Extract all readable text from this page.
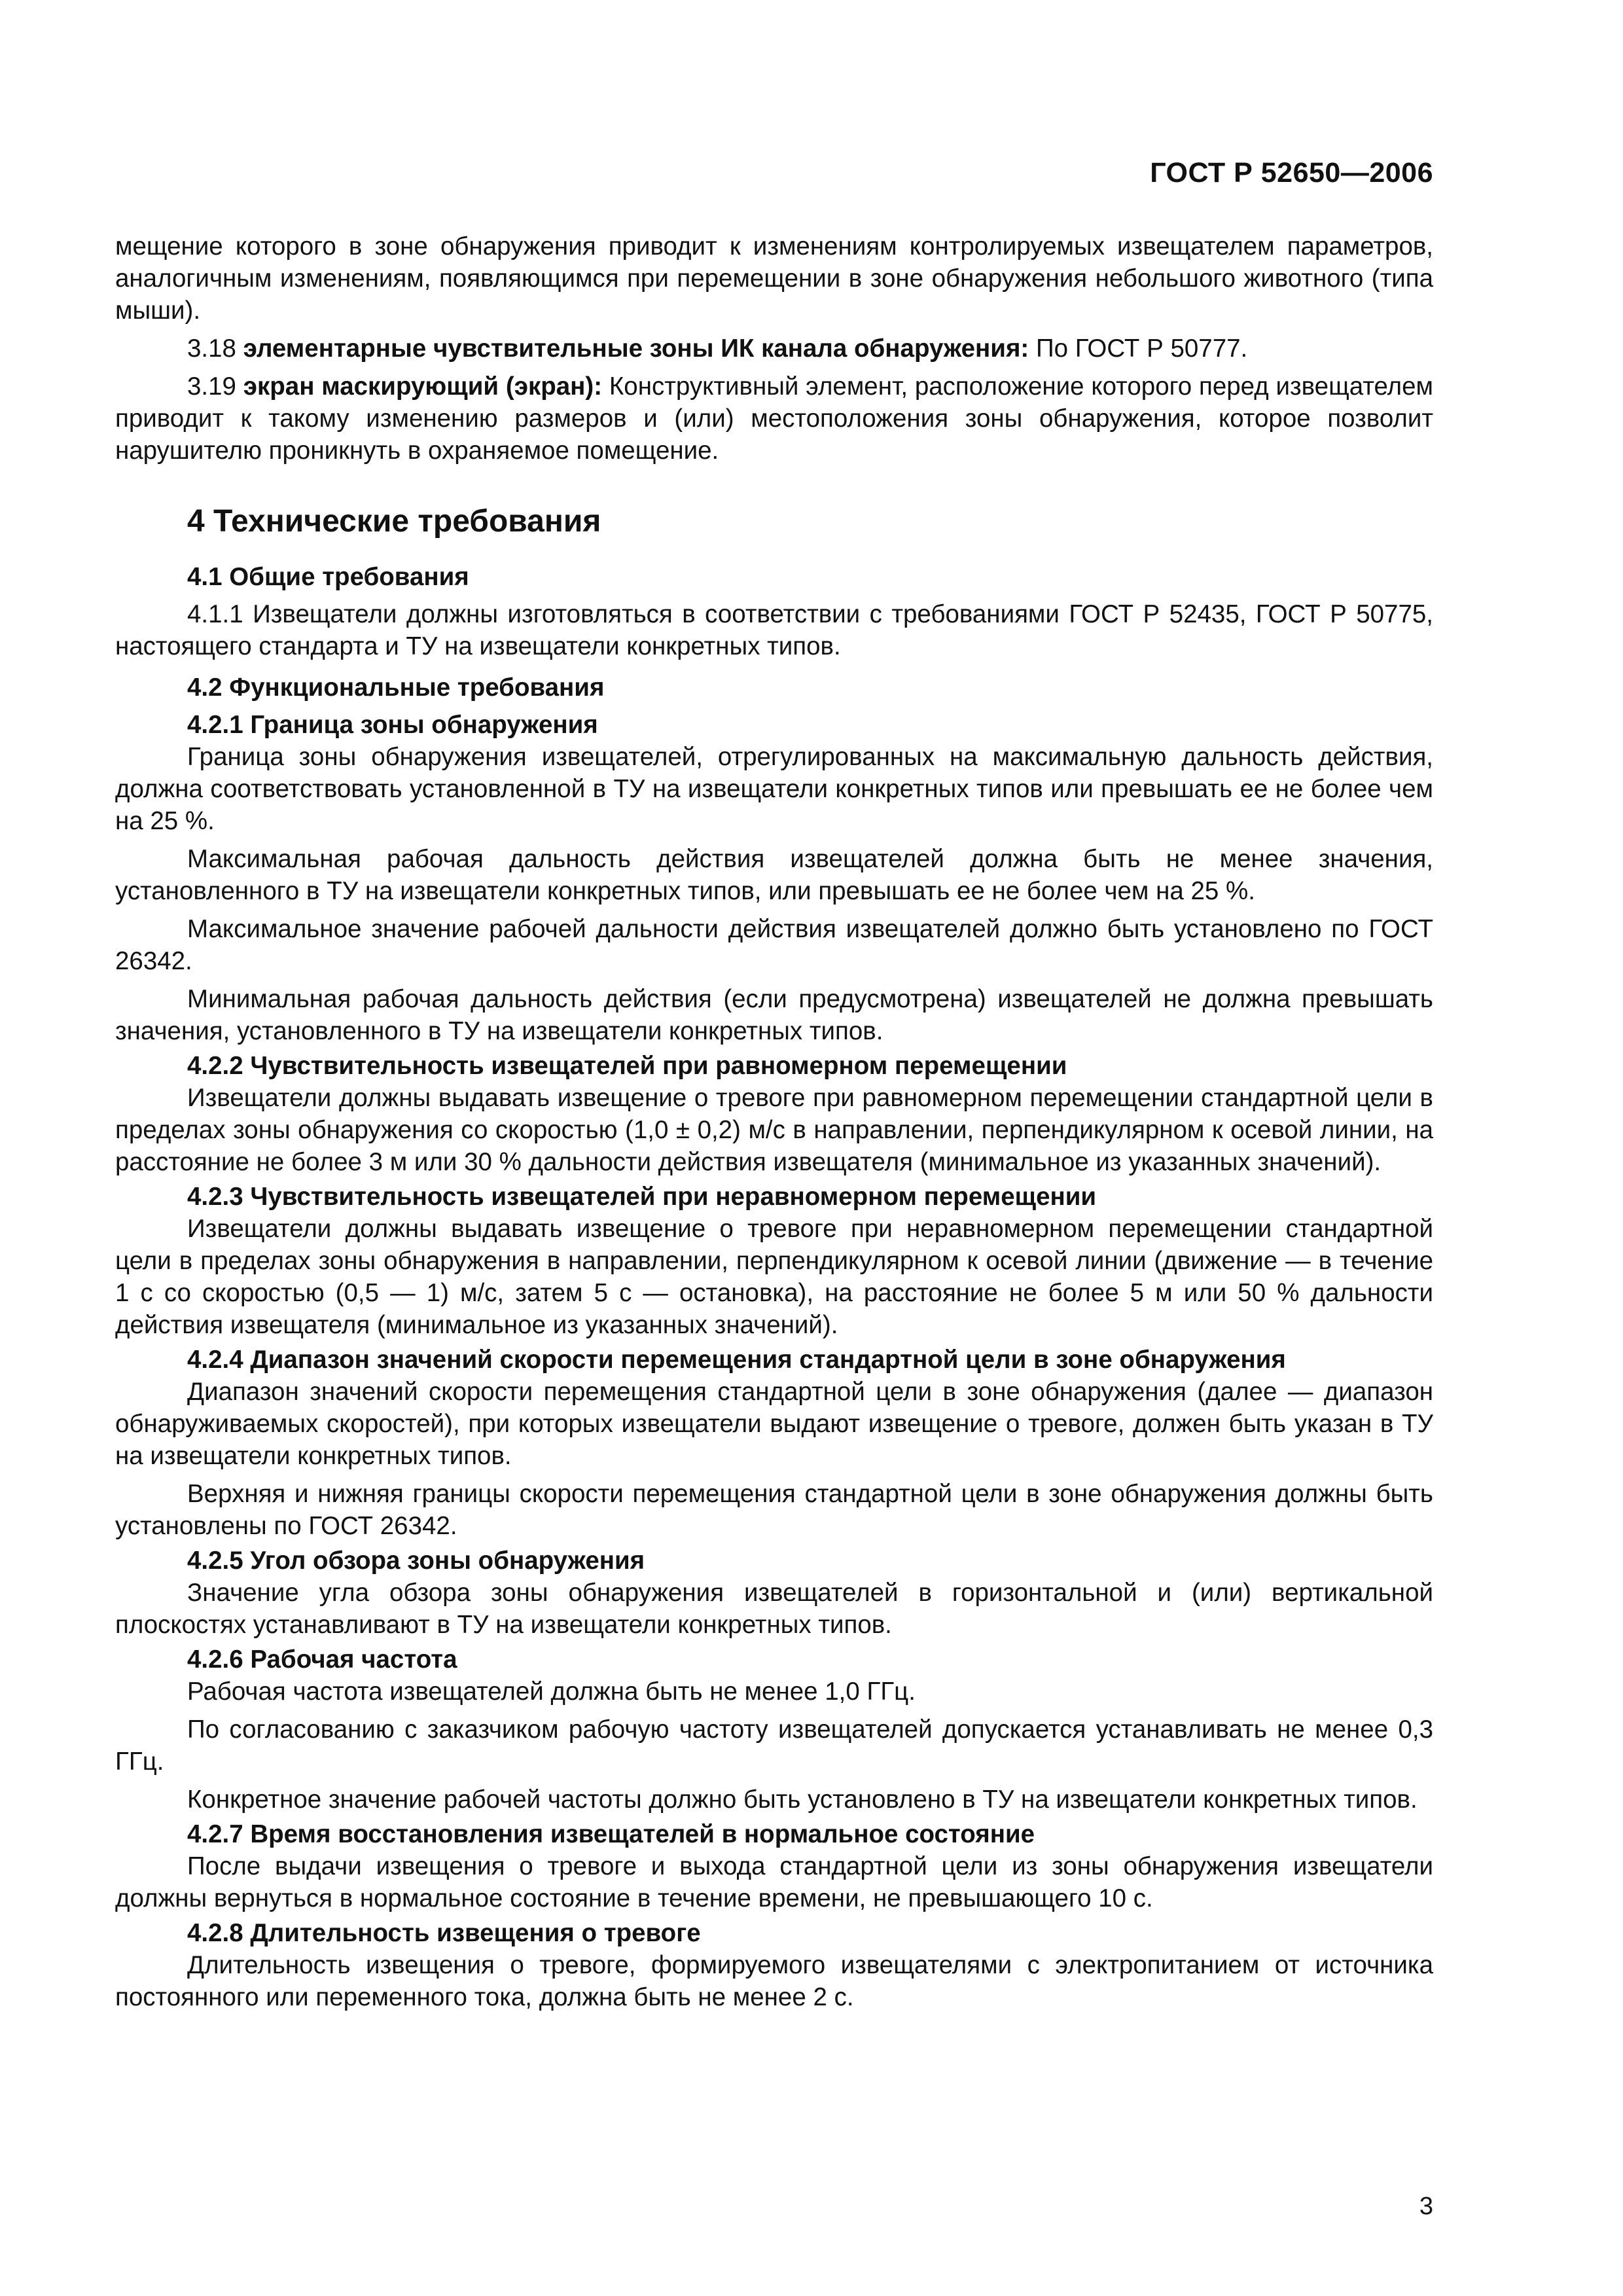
ГОСТ Р 52650—2006

мещение которого в зоне обнаружения приводит к изменениям контролируемых извещателем параметров, аналогичным изменениям, появляющимся при перемещении в зоне обнаружения небольшого животного (типа мыши).

3.18 элементарные чувствительные зоны ИК канала обнаружения: По ГОСТ Р 50777.

3.19 экран маскирующий (экран): Конструктивный элемент, расположение которого перед извещателем приводит к такому изменению размеров и (или) местоположения зоны обнаружения, которое позволит нарушителю проникнуть в охраняемое помещение.

4 Технические требования
4.1 Общие требования

4.1.1 Извещатели должны изготовляться в соответствии с требованиями ГОСТ Р 52435, ГОСТ Р 50775, настоящего стандарта и ТУ на извещатели конкретных типов.

4.2 Функциональные требования
4.2.1 Граница зоны обнаружения

Граница зоны обнаружения извещателей, отрегулированных на максимальную дальность действия, должна соответствовать установленной в ТУ на извещатели конкретных типов или превышать ее не более чем на 25 %.

Максимальная рабочая дальность действия извещателей должна быть не менее значения, установленного в ТУ на извещатели конкретных типов, или превышать ее не более чем на 25 %.

Максимальное значение рабочей дальности действия извещателей должно быть установлено по ГОСТ 26342.

Минимальная рабочая дальность действия (если предусмотрена) извещателей не должна превышать значения, установленного в ТУ на извещатели конкретных типов.

4.2.2 Чувствительность извещателей при равномерном перемещении

Извещатели должны выдавать извещение о тревоге при равномерном перемещении стандартной цели в пределах зоны обнаружения со скоростью (1,0 ± 0,2) м/с в направлении, перпендикулярном к осевой линии, на расстояние не более 3 м или 30 % дальности действия извещателя (минимальное из указанных значений).

4.2.3 Чувствительность извещателей при неравномерном перемещении

Извещатели должны выдавать извещение о тревоге при неравномерном перемещении стандартной цели в пределах зоны обнаружения в направлении, перпендикулярном к осевой линии (движение — в течение 1 с со скоростью (0,5 — 1) м/с, затем 5 с — остановка), на расстояние не более 5 м или 50 % дальности действия извещателя (минимальное из указанных значений).

4.2.4 Диапазон значений скорости перемещения стандартной цели в зоне обнаружения

Диапазон значений скорости перемещения стандартной цели в зоне обнаружения (далее — диапазон обнаруживаемых скоростей), при которых извещатели выдают извещение о тревоге, должен быть указан в ТУ на извещатели конкретных типов.

Верхняя и нижняя границы скорости перемещения стандартной цели в зоне обнаружения должны быть установлены по ГОСТ 26342.

4.2.5 Угол обзора зоны обнаружения

Значение угла обзора зоны обнаружения извещателей в горизонтальной и (или) вертикальной плоскостях устанавливают в ТУ на извещатели конкретных типов.

4.2.6 Рабочая частота

Рабочая частота извещателей должна быть не менее 1,0 ГГц.

По согласованию с заказчиком рабочую частоту извещателей допускается устанавливать не менее 0,3 ГГц.

Конкретное значение рабочей частоты должно быть установлено в ТУ на извещатели конкретных типов.

4.2.7 Время восстановления извещателей в нормальное состояние

После выдачи извещения о тревоге и выхода стандартной цели из зоны обнаружения извещатели должны вернуться в нормальное состояние в течение времени, не превышающего 10 с.

4.2.8 Длительность извещения о тревоге

Длительность извещения о тревоге, формируемого извещателями с электропитанием от источника постоянного или переменного тока, должна быть не менее 2 с.

3
